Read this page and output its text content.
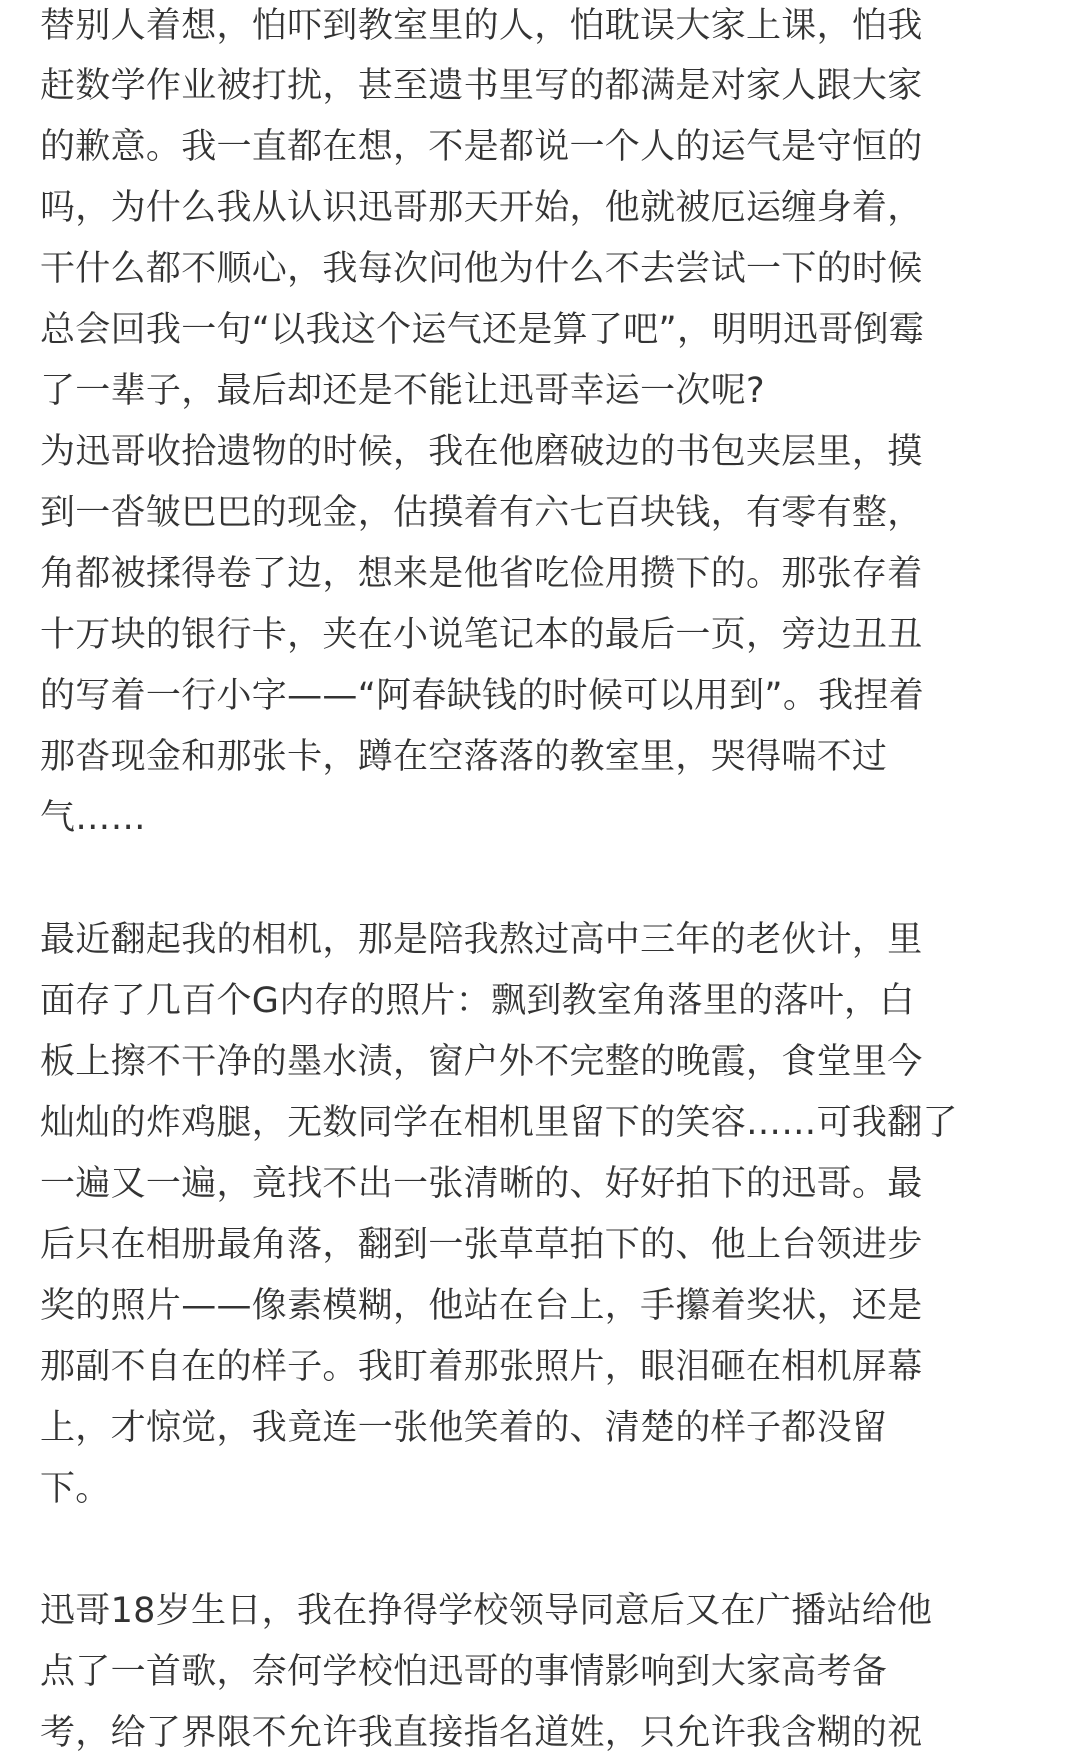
替别人着想，怕吓到教室里的人，怕耽误大家上课，怕我
赶数学作业被打扰，甚至遗书里写的都满是对家人跟大家
的歉意。我一直都在想，不是都说一个人的运气是守恒的
吗，为什么我从认识迅哥那天开始，他就被厄运缠身着，
干什么都不顺心，我每次问他为什么不去尝试一下的时候
总会回我一句“以我这个运气还是算了吧”，明明迅哥倒霉
了一辈子，最后却还是不能让迅哥幸运一次呢?
为迅哥收拾遗物的时候，我在他磨破边的书包夹层里，摸
到一沓皱巴巴的现金，估摸着有六七百块钱，有零有整，
角都被揉得卷了边，想来是他省吃俭用攒下的。那张存着
十万块的银行卡，夹在小说笔记本的最后一页，旁边丑丑
的写着一行小字——“阿春缺钱的时候可以用到”。我捏着
那沓现金和那张卡，蹲在空落落的教室里，哭得喘不过
气……
最近翻起我的相机，那是陪我熬过高中三年的老伙计，里
面存了几百个G内存的照片：飘到教室角落里的落叶，白
板上擦不干净的墨水渍，窗户外不完整的晚霞，食堂里今
灿灿的炸鸡腿，无数同学在相机里留下的笑容……可我翻了
一遍又一遍，竟找不出一张清晰的、好好拍下的迅哥。最
后只在相册最角落，翻到一张草草拍下的、他上台领进步
奖的照片——像素模糊，他站在台上，手攥着奖状，还是
那副不自在的样子。我盯着那张照片，眼泪砸在相机屏幕
上，才惊觉，我竟连一张他笑着的、清楚的样子都没留
下。
迅哥18岁生日，我在挣得学校领导同意后又在广播站给他
点了一首歌，奈何学校怕迅哥的事情影响到大家高考备
考，给了界限不允许我直接指名道姓，只允许我含糊的祝
